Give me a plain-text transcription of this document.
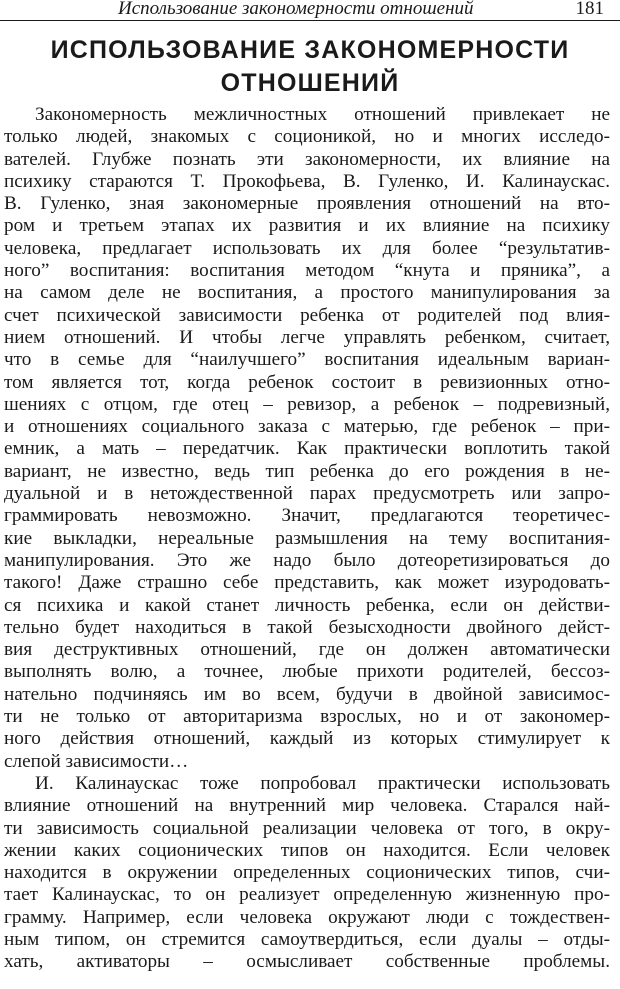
Использование закономерности отношений	181
ИСПОЛЬЗОВАНИЕ ЗАКОНОМЕРНОСТИ
ОТНОШЕНИЙ
Закономерность межличностных отношений привлекает не
только людей, знакомых с соционикой, но и многих исследо-
вателей. Глубже познать эти закономерности, их влияние на
психику стараются Т. Прокофьева, В. Гуленко, И. Калинаускас.
В. Гуленко, зная закономерные проявления отношений на вто-
ром и третьем этапах их развития и их влияние на психику
человека, предлагает использовать их для более “результатив-
ного” воспитания: воспитания методом “кнута и пряника”, а
на самом деле не воспитания, а простого манипулирования за
счет психической зависимости ребенка от родителей под влия-
нием отношений. И чтобы легче управлять ребенком, считает,
что в семье для “наилучшего” воспитания идеальным вариан-
том является тот, когда ребенок состоит в ревизионных отно-
шениях с отцом, где отец – ревизор, а ребенок – подревизный,
и отношениях социального заказа с матерью, где ребенок – при-
емник, а мать – передатчик. Как практически воплотить такой
вариант, не известно, ведь тип ребенка до его рождения в не-
дуальной и в нетождественной парах предусмотреть или запро-
граммировать невозможно. Значит, предлагаются теоретичес-
кие выкладки, нереальные размышления на тему воспитания-
манипулирования. Это же надо было дотеоретизироваться до
такого! Даже страшно себе представить, как может изуродовать-
ся психика и какой станет личность ребенка, если он действи-
тельно будет находиться в такой безысходности двойного дейст-
вия деструктивных отношений, где он должен автоматически
выполнять волю, а точнее, любые прихоти родителей, бессоз-
нательно подчиняясь им во всем, будучи в двойной зависимос-
ти не только от авторитаризма взрослых, но и от закономер-
ного действия отношений, каждый из которых стимулирует к
слепой зависимости…
И. Калинаускас тоже попробовал практически использовать
влияние отношений на внутренний мир человека. Старался най-
ти зависимость социальной реализации человека от того, в окру-
жении каких соционических типов он находится. Если человек
находится в окружении определенных соционических типов, счи-
тает Калинаускас, то он реализует определенную жизненную про-
грамму. Например, если человека окружают люди с тождествен-
ным типом, он стремится самоутвердиться, если дуалы – отды-
хать, активаторы – осмысливает собственные проблемы.
